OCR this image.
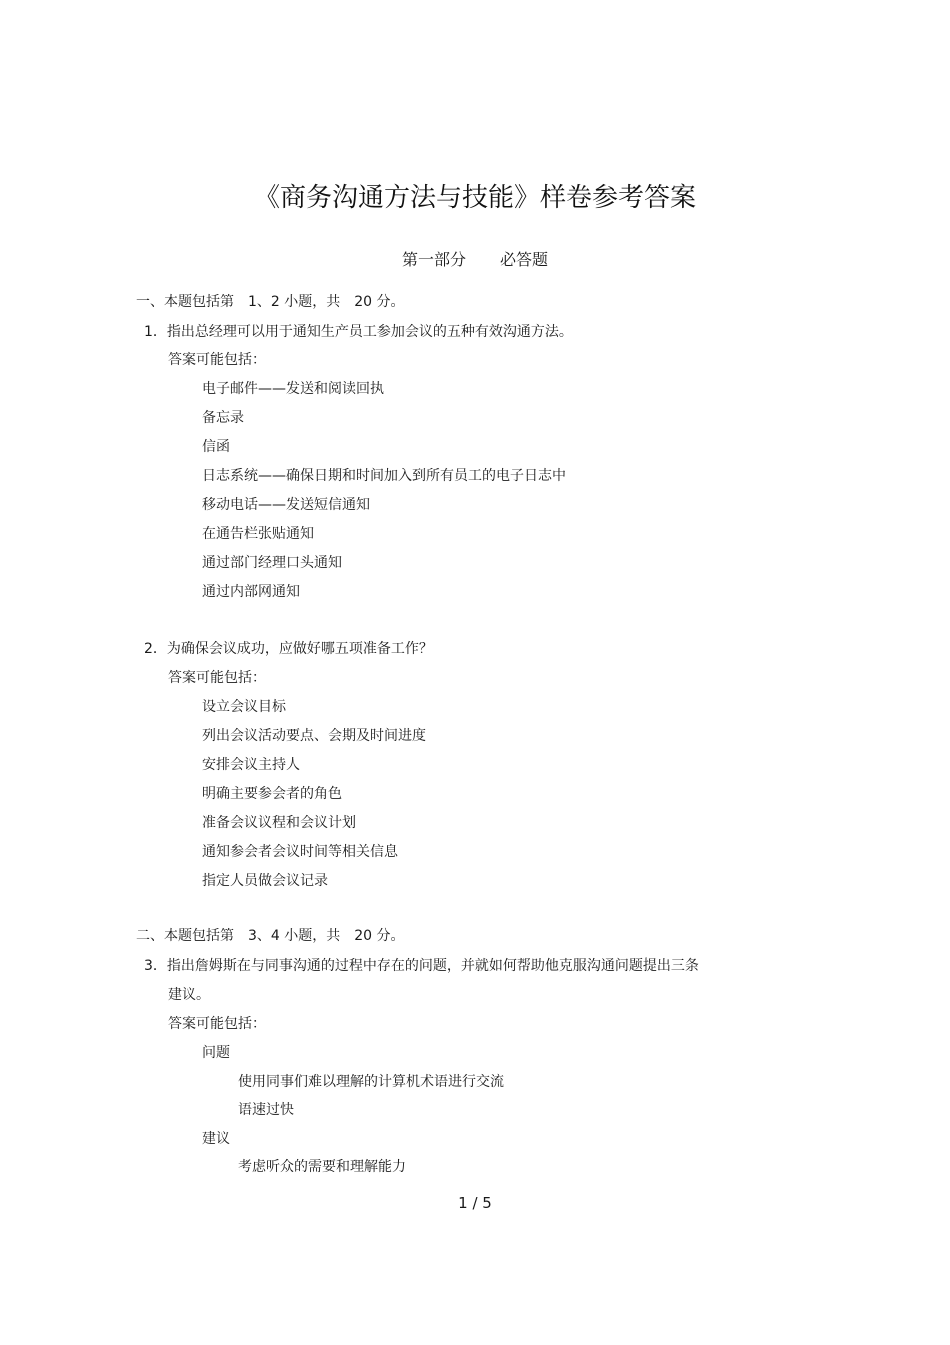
《商务沟通方法与技能》样卷参考答案
第一部分 必答题
一、本题包括第　1、2 小题，共　20 分。
1．指出总经理可以用于通知生产员工参加会议的五种有效沟通方法。
答案可能包括：
电子邮件——发送和阅读回执
备忘录
信函
日志系统——确保日期和时间加入到所有员工的电子日志中
移动电话——发送短信通知
在通告栏张贴通知
通过部门经理口头通知
通过内部网通知
2．为确保会议成功，应做好哪五项准备工作？
答案可能包括：
设立会议目标
列出会议活动要点、会期及时间进度
安排会议主持人
明确主要参会者的角色
准备会议议程和会议计划
通知参会者会议时间等相关信息
指定人员做会议记录
二、本题包括第　3、4 小题，共　20 分。
3．指出詹姆斯在与同事沟通的过程中存在的问题，并就如何帮助他克服沟通问题提出三条
建议。
答案可能包括：
问题
使用同事们难以理解的计算机术语进行交流
语速过快
建议
考虑听众的需要和理解能力
1 / 5
